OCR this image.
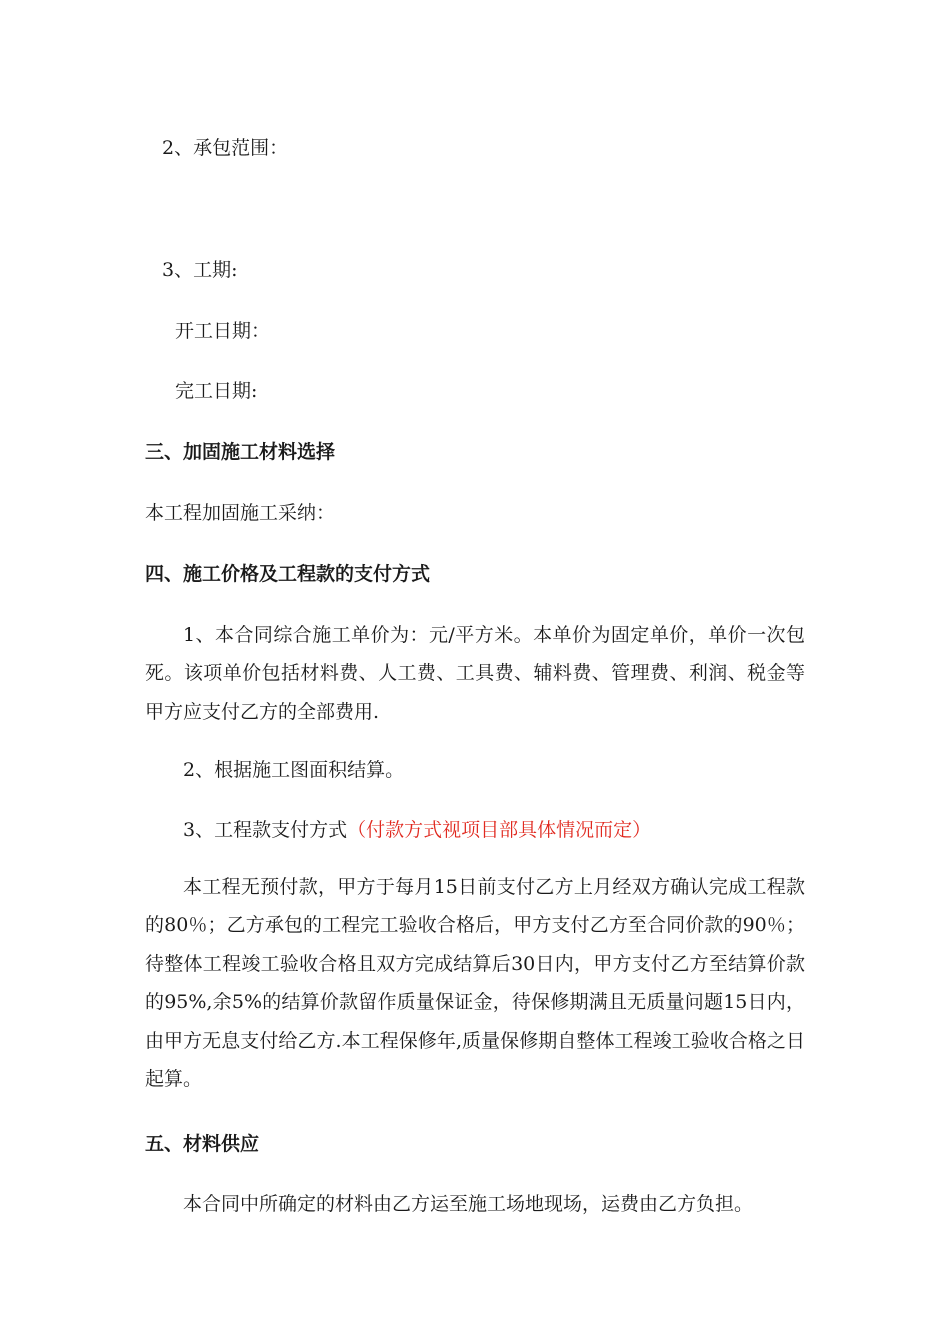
2、承包范围：
3、工期:
开工日期：
完工日期:
三、加固施工材料选择
本工程加固施工采纳：
四、施工价格及工程款的支付方式
1、本合同综合施工单价为：元/平方米。本单价为固定单价，单价一次包死。该项单价包括材料费、人工费、工具费、辅料费、管理费、利润、税金等甲方应支付乙方的全部费用.
2、根据施工图面积结算。
3、工程款支付方式（付款方式视项目部具体情况而定）
本工程无预付款，甲方于每月15日前支付乙方上月经双方确认完成工程款的80％；乙方承包的工程完工验收合格后，甲方支付乙方至合同价款的90％；待整体工程竣工验收合格且双方完成结算后30日内，甲方支付乙方至结算价款的95%,余5%的结算价款留作质量保证金，待保修期满且无质量问题15日内，由甲方无息支付给乙方.本工程保修年,质量保修期自整体工程竣工验收合格之日起算。
五、材料供应
本合同中所确定的材料由乙方运至施工场地现场，运费由乙方负担。
